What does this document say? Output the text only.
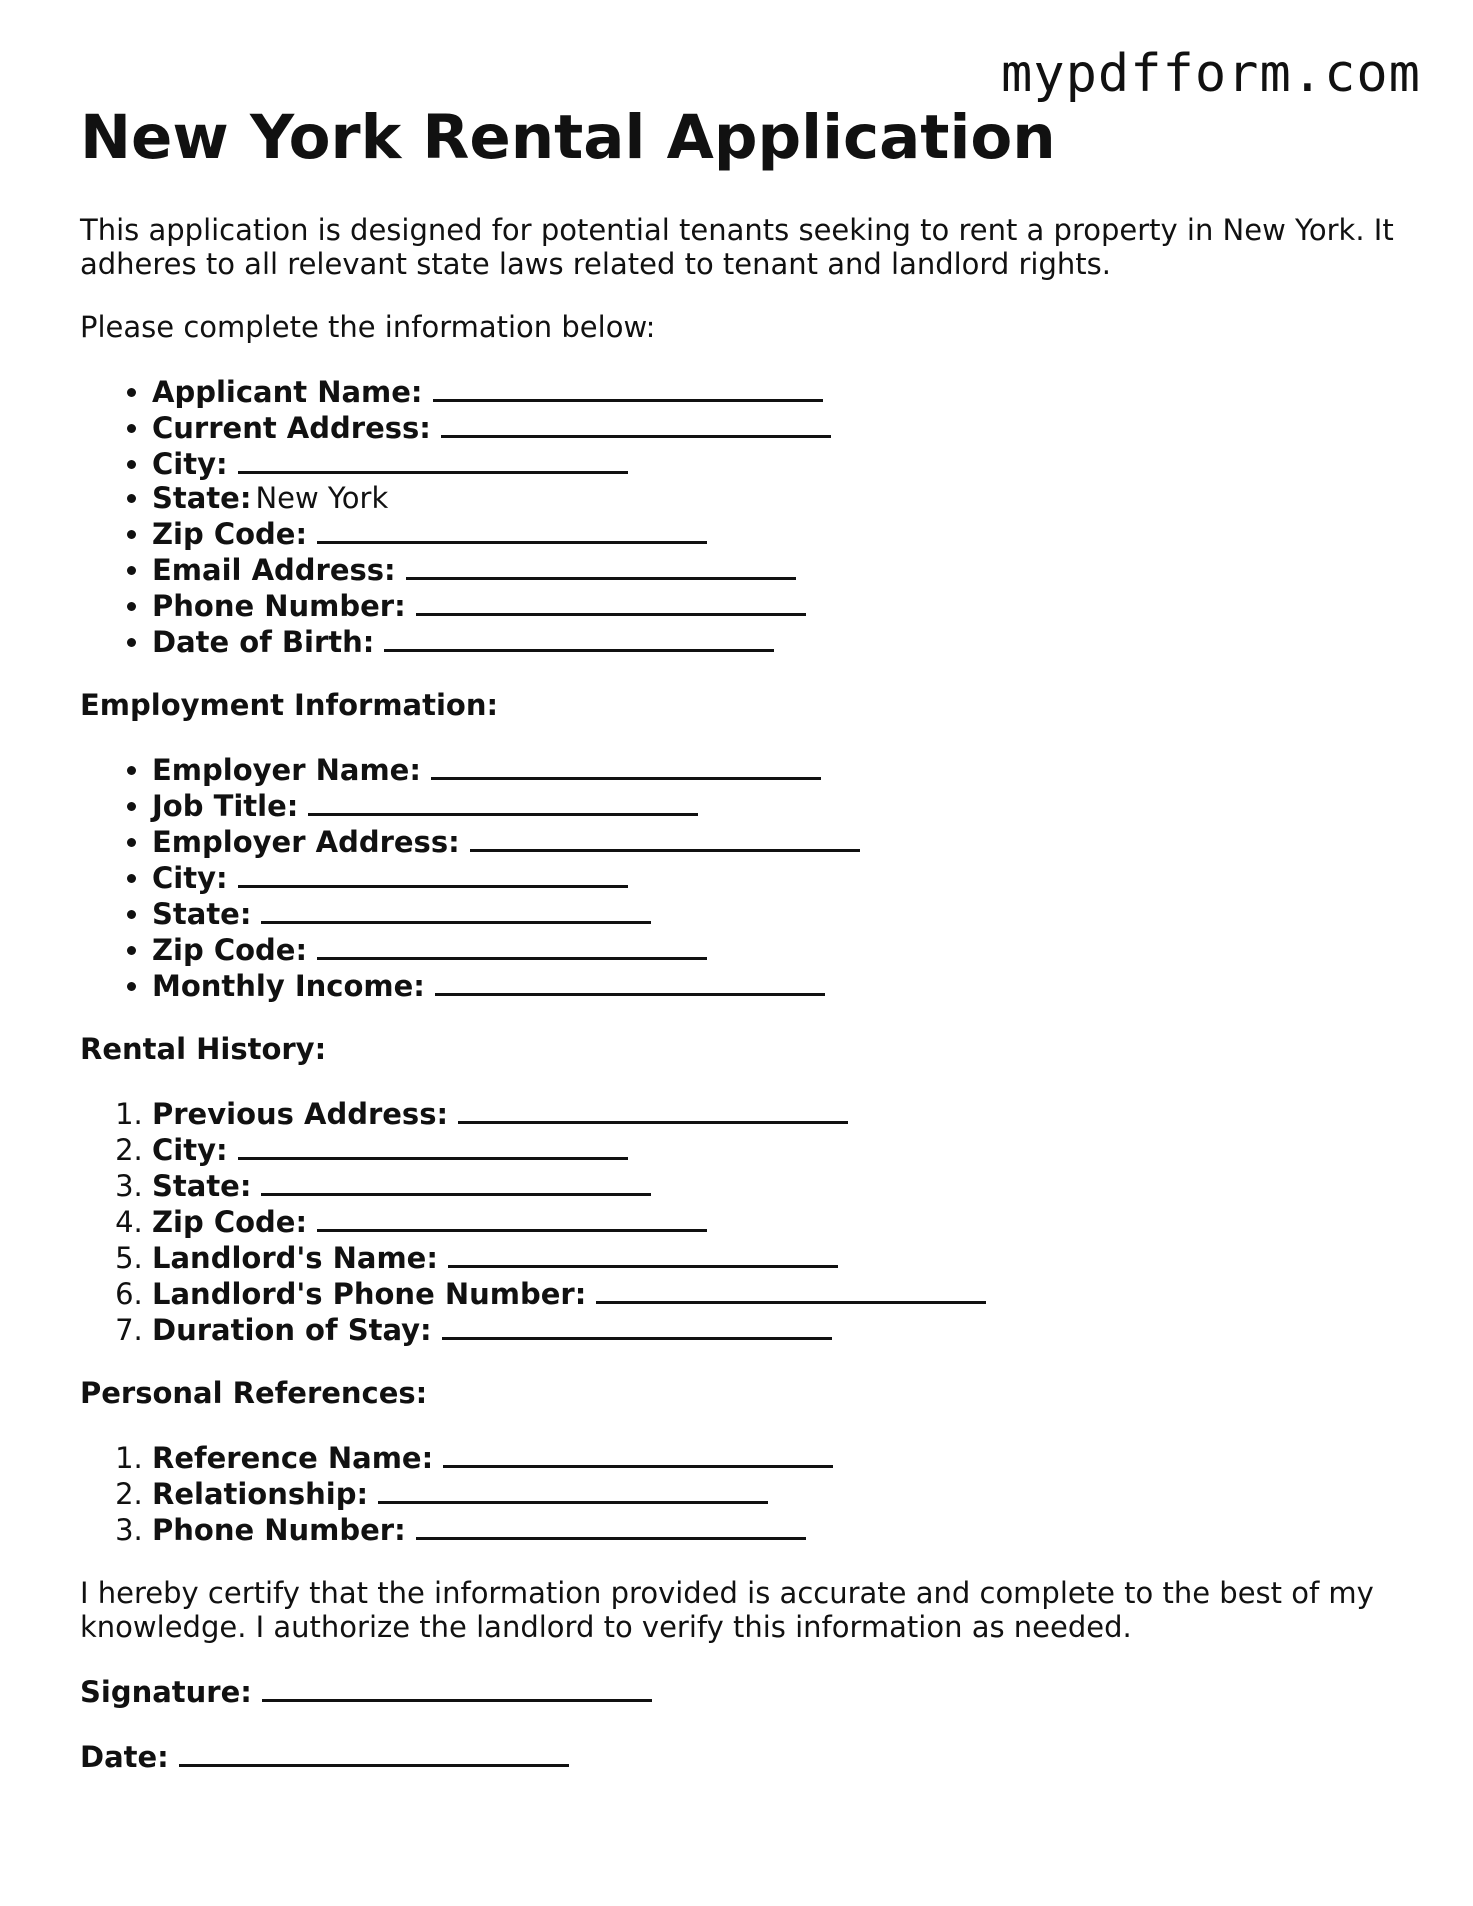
mypdfform.com
New York Rental Application

This application is designed for potential tenants seeking to rent a property in New York. It adheres to all relevant state laws related to tenant and landlord rights.

Please complete the information below:

• Applicant Name:
• Current Address:
• City:
• State: New York
• Zip Code:
• Email Address:
• Phone Number:
• Date of Birth:
Employment Information:
• Employer Name:
• Job Title:
• Employer Address:
• City:
• State:
• Zip Code:
• Monthly Income:
Rental History:
1. Previous Address:
2. City:
3. State:
4. Zip Code:
5. Landlord's Name:
6. Landlord's Phone Number:
7. Duration of Stay:
Personal References:
1. Reference Name:
2. Relationship:
3. Phone Number:

I hereby certify that the information provided is accurate and complete to the best of my knowledge. I authorize the landlord to verify this information as needed.

Signature:
Date:
